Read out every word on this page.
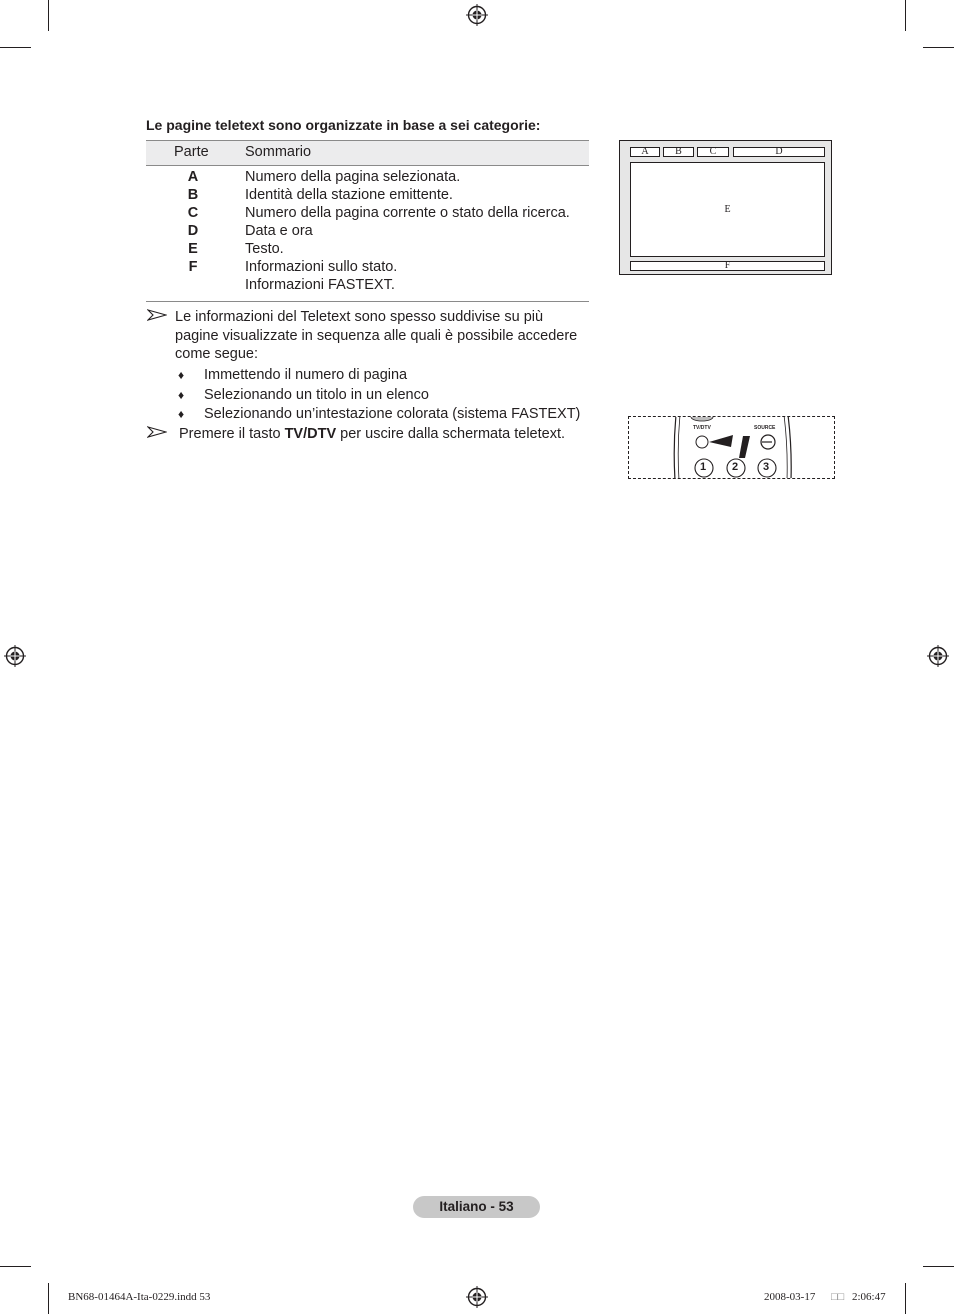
Le pagine teletext sono organizzate in base a sei categorie:
Parte	Sommario
A	Numero della pagina selezionata.
B	Identità della stazione emittente.
C	Numero della pagina corrente o stato della ricerca.
D	Data e ora
E	Testo.
F	Informazioni sullo stato.
Informazioni FASTEXT.
Le informazioni del Teletext sono spesso suddivise su più
pagine visualizzate in sequenza alle quali è possibile accedere
come segue:
♦ Immettendo il numero di pagina
♦ Selezionando un titolo in un elenco
♦ Selezionando un’intestazione colorata (sistema FASTEXT)
Premere il tasto TV/DTV per uscire dalla schermata teletext.
A	B	C	D
E
F
TV/DTV	SOURCE
1 2 3
Italiano - 53
BN68-01464A-Ita-0229.indd 53	2008-03-17 □□ 2:06:47
